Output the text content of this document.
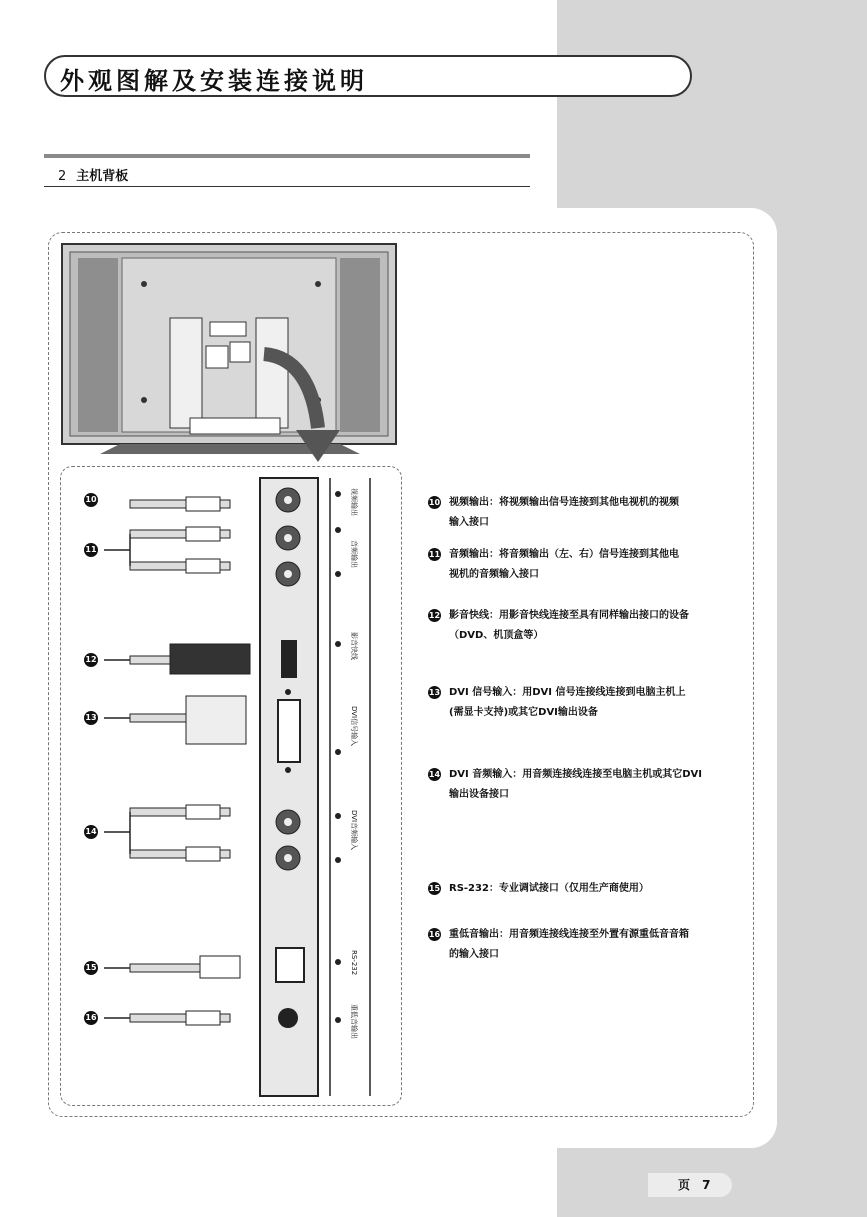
外观图解及安装连接说明
2 主机背板
视频输出
音频输出
影音快线
DVI信号输入
DVI音频输入
RS-232
重低音输出
10
11
12
13
14
15
16
10 视频输出：将视频输出信号连接到其他电视机的视频
输入接口
11 音频输出：将音频输出（左、右）信号连接到其他电
视机的音频输入接口
12 影音快线：用影音快线连接至具有同样输出接口的设备
（DVD、机顶盒等）
13 DVI 信号输入：用DVI 信号连接线连接到电脑主机上
(需显卡支持)或其它DVI输出设备
14 DVI 音频输入：用音频连接线连接至电脑主机或其它DVI
输出设备接口
15 RS-232：专业调试接口（仅用生产商使用）
16 重低音输出：用音频连接线连接至外置有源重低音音箱
的输入接口
页 7
